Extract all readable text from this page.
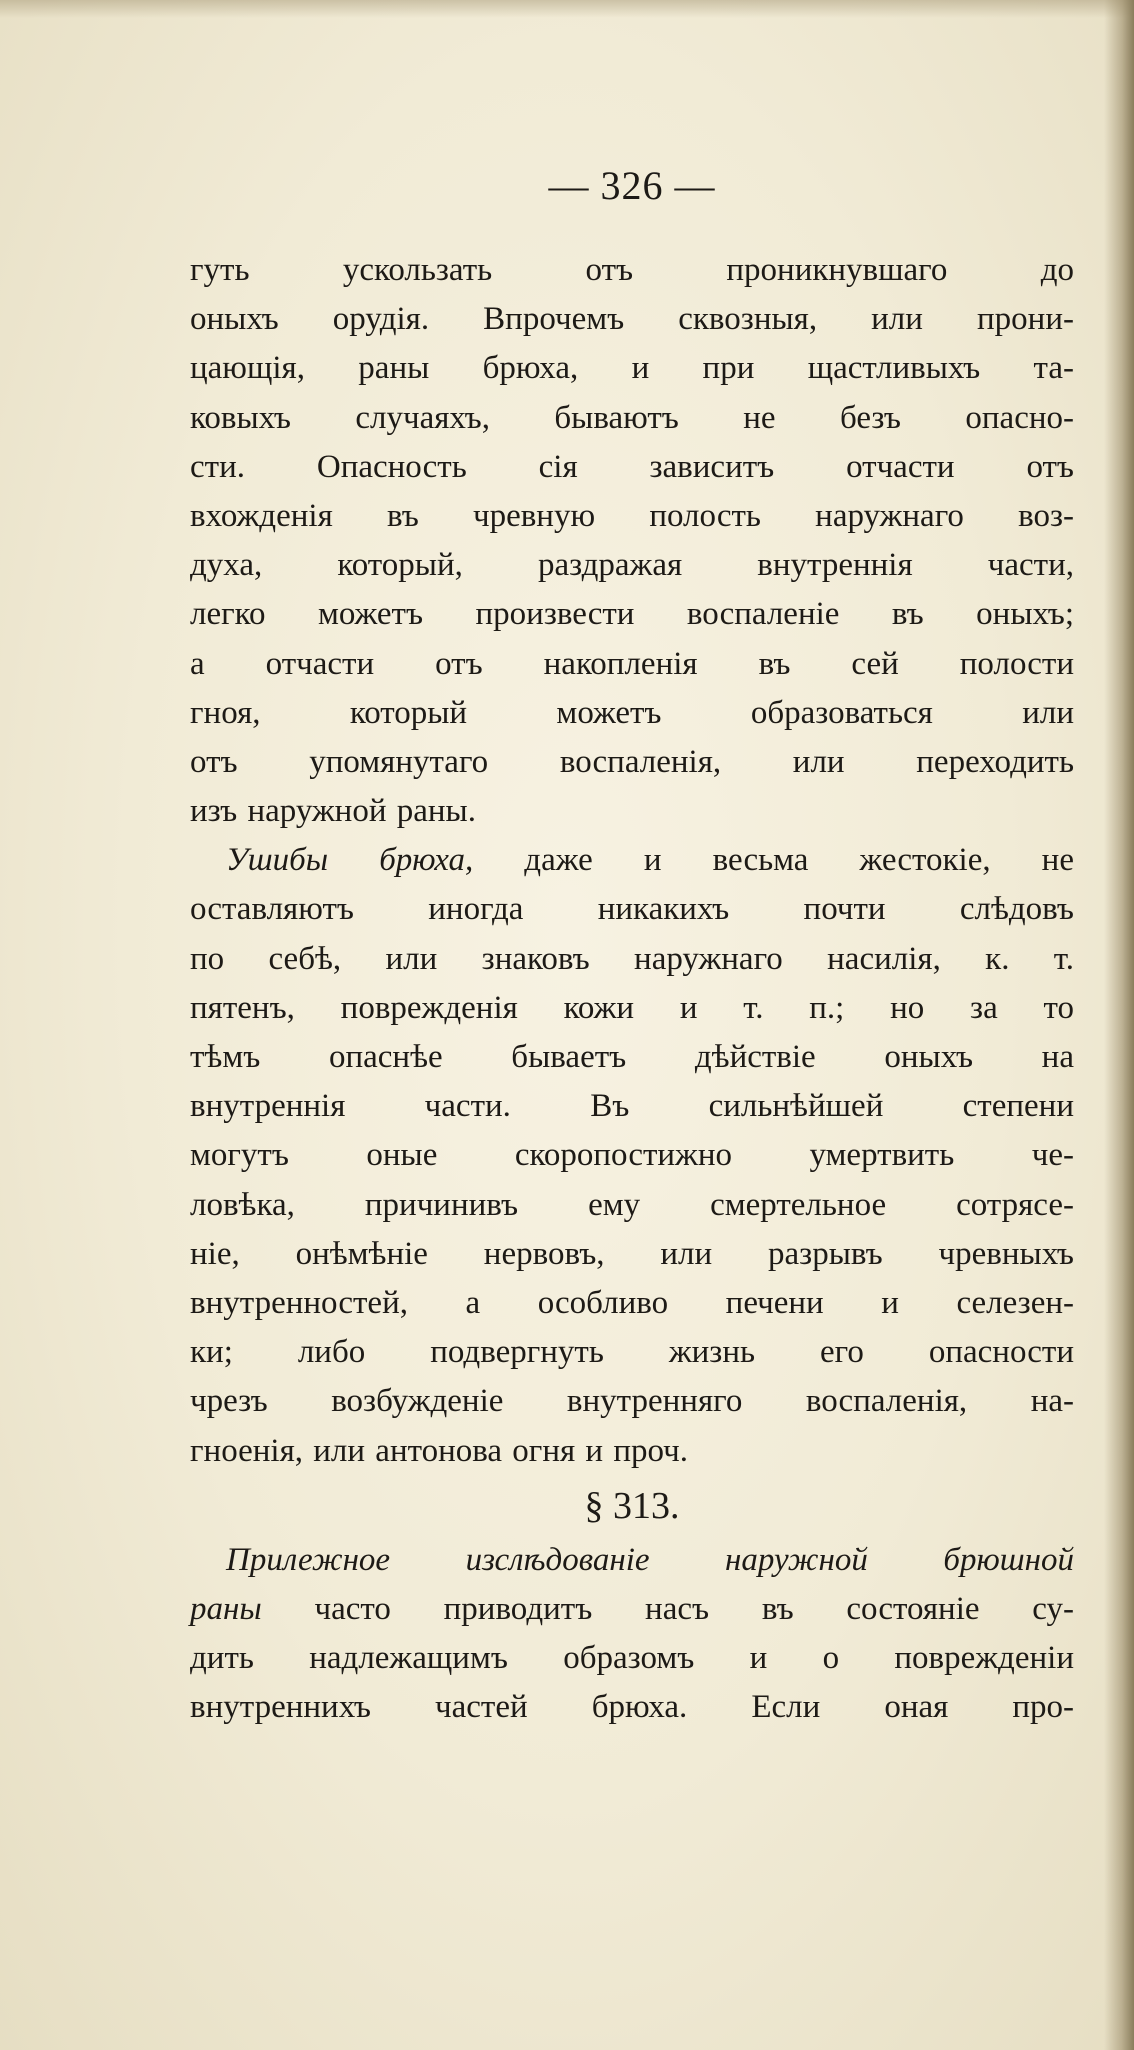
— 326 —
гуть ускользать отъ проникнувшаго до
оныхъ орудія. Впрочемъ сквозныя, или прони-
цающія, раны брюха, и при щастливыхъ та-
ковыхъ случаяхъ, бываютъ не безъ опасно-
сти. Опасность сія зависитъ отчасти отъ
вхожденія въ чревную полость наружнаго воз-
духа, который, раздражая внутреннія части,
легко можетъ произвести воспаленіе въ оныхъ;
а отчасти отъ накопленія въ сей полости
гноя, который можетъ образоваться или
отъ упомянутаго воспаленія, или переходить
изъ наружной раны.
Ушибы брюха, даже и весьма жестокіе, не
оставляютъ иногда никакихъ почти слѣдовъ
по себѣ, или знаковъ наружнаго насилія, к. т.
пятенъ, поврежденія кожи и т. п.; но за то
тѣмъ опаснѣе бываетъ дѣйствіе оныхъ на
внутреннія части. Въ сильнѣйшей степени
могутъ оные скоропостижно умертвить че-
ловѣка, причинивъ ему смертельное сотрясе-
ніе, онѣмѣніе нервовъ, или разрывъ чревныхъ
внутренностей, а особливо печени и селезен-
ки; либо подвергнуть жизнь его опасности
чрезъ возбужденіе внутренняго воспаленія, на-
гноенія, или антонова огня и проч.
§ 313.
Прилежное изслѣдованіе наружной брюшной
раны часто приводитъ насъ въ состояніе су-
дить надлежащимъ образомъ и о поврежденіи
внутреннихъ частей брюха. Если оная про-
